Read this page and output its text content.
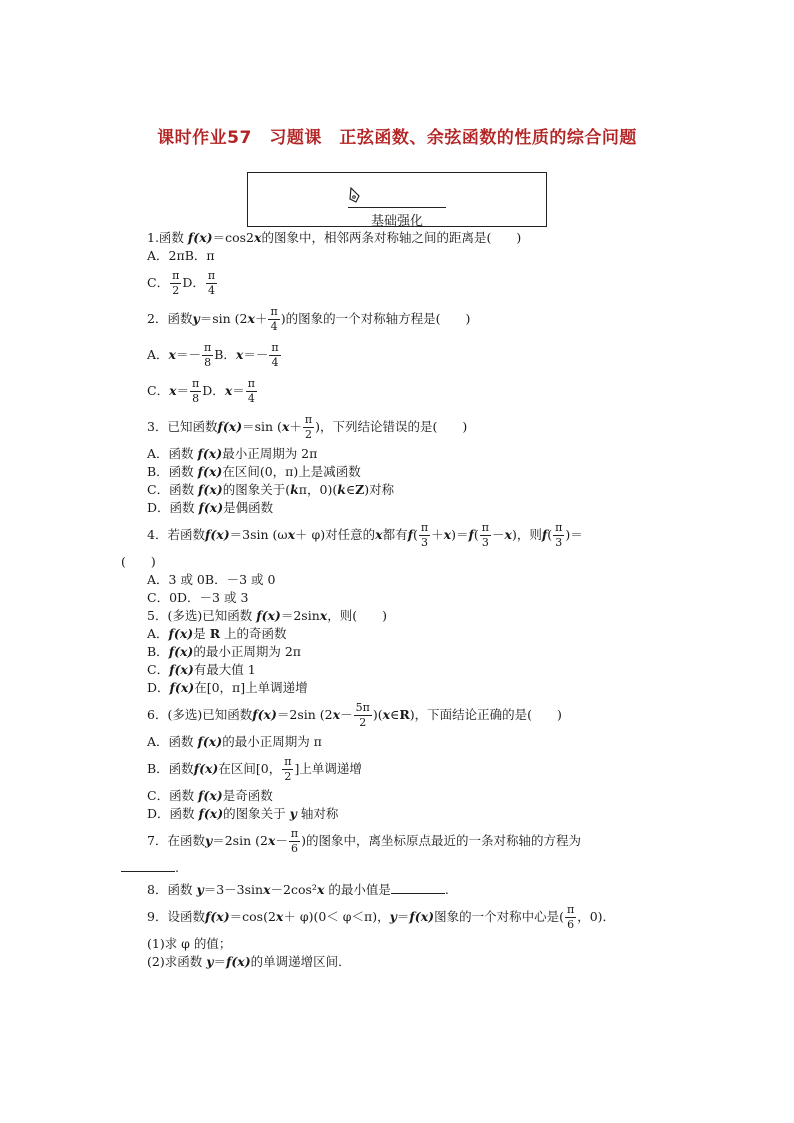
课时作业57　习题课　正弦函数、余弦函数的性质的综合问题
基础强化
1.函数 f(x)＝cos2x的图象中，相邻两条对称轴之间的距离是(　　)
A．2πB．π
C． $\frac{\pi}{2}$ D． $\frac{\pi}{4}$
2．函数 y ＝sin (2 $x + \frac{\pi}{4}$ )的图象的一个对称轴方程是(　　)
A． $x =- \frac{\pi}{8}$ B． $x =- \frac{\pi}{4}$
C． $x = \frac{\pi}{8}$ D． $x = \frac{\pi}{4}$
3．已知函数 f(x) ＝sin ( $x + \frac{\pi}{2}$ )，下列结论错误的是(　　)
A．函数 f(x)最小正周期为 2π
B．函数 f(x)在区间(0，π)上是减函数
C．函数 f(x)的图象关于(kπ，0)(k∈Z)对称
D．函数 f(x)是偶函数
4．若函数 f(x) ＝3sin (ω x ＋ φ)对任意的 x 都有 f ( $\frac{\pi}{3} + x$ )＝ f ( $\frac{\pi}{3} - x$ )，则 f ( $\frac{\pi}{3}$ )＝
(　　)
A．3 或 0B．－3 或 0
C．0D．－3 或 3
5．(多选)已知函数 f(x)＝2sinx，则(　　)
A．f(x)是 R 上的奇函数
B．f(x)的最小正周期为 2π
C．f(x)有最大值 1
D．f(x)在[0，π]上单调递增
6．(多选)已知函数 f(x) ＝2sin (2 $x - \frac{5\pi}{2}$ )( x ∈ R )，下面结论正确的是(　　)
A．函数 f(x)的最小正周期为 π
B．函数 f(x) 在区间[0， $\frac{\pi}{2}$ ]上单调递增
C．函数 f(x)是奇函数
D．函数 f(x)的图象关于 y 轴对称
7．在函数 y ＝2sin (2 $x - \frac{\pi}{6}$ )的图象中，离坐标原点最近的一条对称轴的方程为
.
8．函数 y＝3－3sinx－2cos²x 的最小值是	.
9．设函数 f(x) ＝cos(2 x ＋ φ)(0＜ φ＜π)， y ＝ f(x) 图象的一个对称中心是( $\frac{\pi}{6}$ ，0)．
(1)求 φ 的值；
(2)求函数 y＝f(x)的单调递增区间．
